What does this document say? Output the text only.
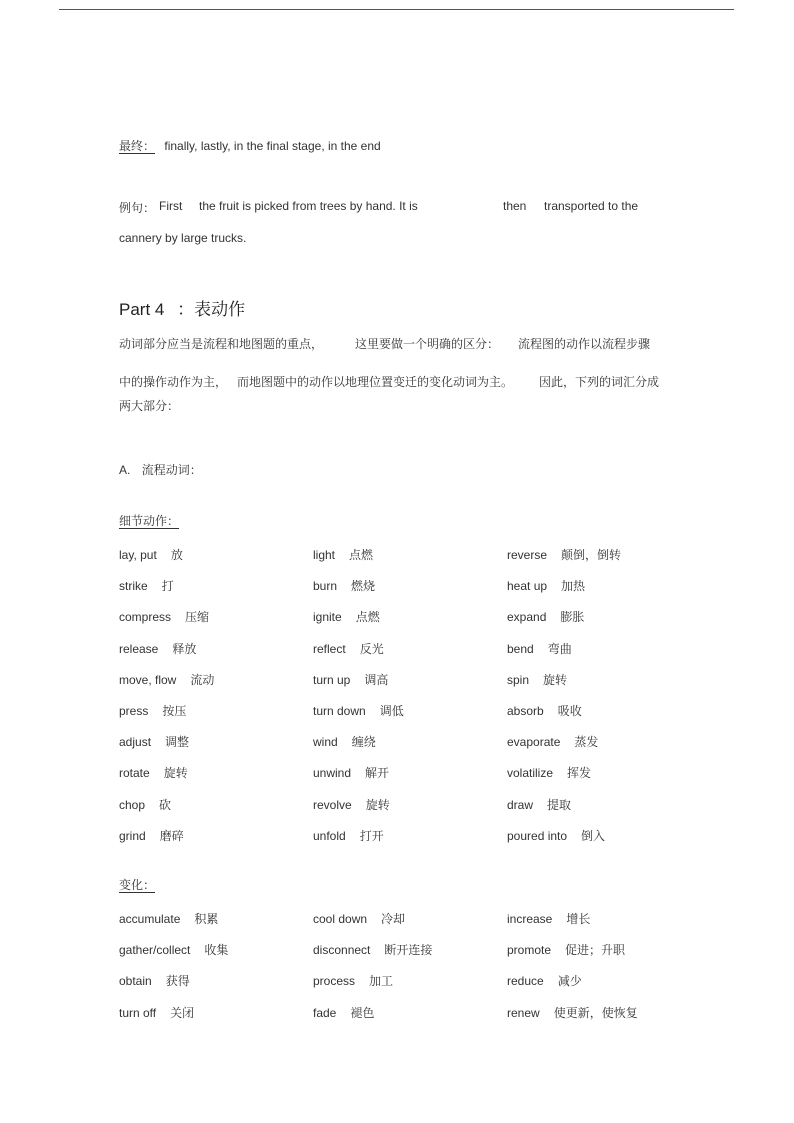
最终： finally, lastly, in the final stage, in the end
例句： First the fruit is picked from trees by hand. It is	then transported to the
cannery by large trucks.
Part 4 ：表动作
动词部分应当是流程和地图题的重点，	这里要做一个明确的区分： 流程图的动作以流程步骤
中的操作动作为主， 而地图题中的动作以地理位置变迁的变化动词为主。 因此，下列的词汇分成
两大部分：
A. 流程动词：
细节动作：
lay, put 放	light 点燃	reverse 颠倒，倒转
strike 打	burn 燃烧	heat up 加热
compress 压缩	ignite 点燃	expand 膨胀
release 释放	reflect 反光	bend 弯曲
move, flow 流动	turn up 调高	spin 旋转
press 按压	turn down 调低	absorb 吸收
adjust 调整	wind 缠绕	evaporate 蒸发
rotate 旋转	unwind 解开	volatilize 挥发
chop 砍	revolve 旋转	draw 提取
grind 磨碎	unfold 打开	poured into 倒入
变化：
accumulate 积累	cool down 冷却	increase 增长
gather/collect 收集	disconnect 断开连接	promote 促进；升职
obtain 获得	process 加工	reduce 减少
turn off 关闭	fade 褪色	renew 使更新，使恢复
